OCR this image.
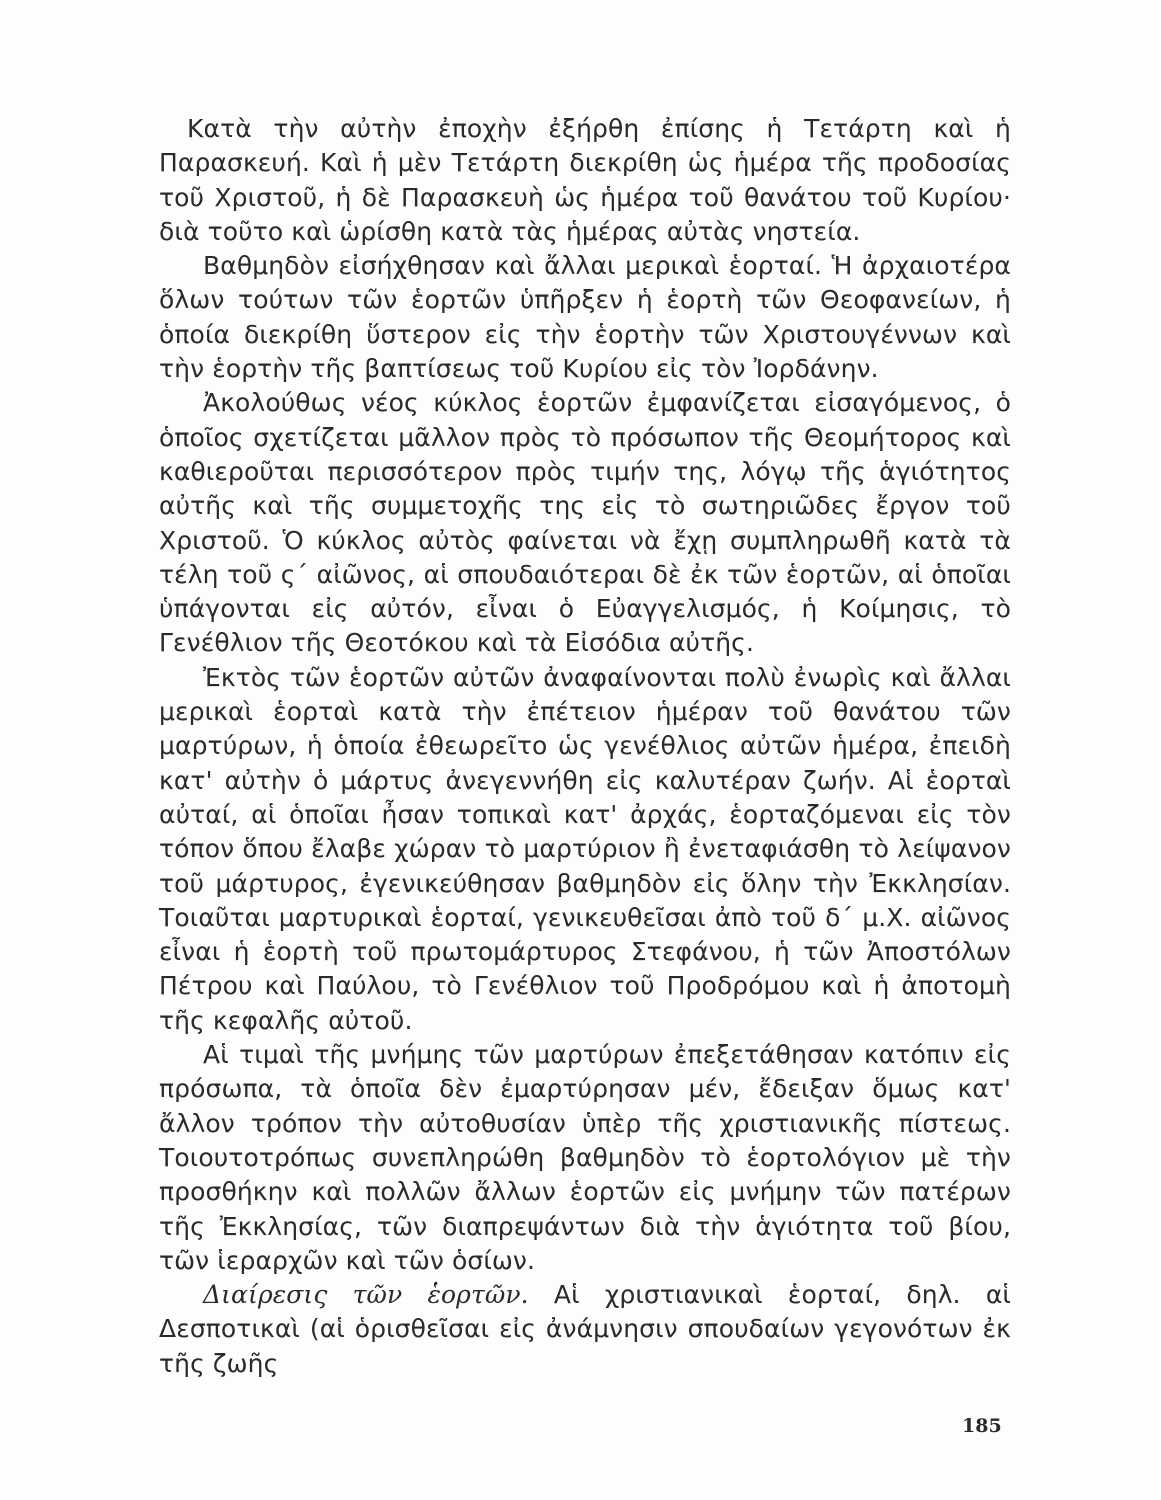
Κατὰ τὴν αὐτὴν ἐποχὴν ἐξήρθη ἐπίσης ἡ Τετάρτη καὶ ἡ Παρασκευή. Καὶ ἡ μὲν Τετάρτη διεκρίθη ὡς ἡμέρα τῆς προδοσίας τοῦ Χριστοῦ, ἡ δὲ Παρασκευὴ ὡς ἡμέρα τοῦ θανάτου τοῦ Κυρίου· διὰ τοῦτο καὶ ὡρίσθη κατὰ τὰς ἡμέρας αὐτὰς νηστεία.

Βαθμηδὸν εἰσήχθησαν καὶ ἄλλαι μερικαὶ ἑορταί. Ἡ ἀρχαιοτέρα ὅλων τούτων τῶν ἑορτῶν ὑπῆρξεν ἡ ἑορτὴ τῶν Θεοφανείων, ἡ ὁποία διεκρίθη ὕστερον εἰς τὴν ἑορτὴν τῶν Χριστουγέννων καὶ τὴν ἑορτὴν τῆς βαπτίσεως τοῦ Κυρίου εἰς τὸν Ἰορδάνην.

Ἀκολούθως νέος κύκλος ἑορτῶν ἐμφανίζεται εἰσαγόμενος, ὁ ὁποῖος σχετίζεται μᾶλλον πρὸς τὸ πρόσωπον τῆς Θεομήτορος καὶ καθιεροῦται περισσότερον πρὸς τιμήν της, λόγῳ τῆς ἁγιότητος αὐτῆς καὶ τῆς συμμετοχῆς της εἰς τὸ σωτηριῶδες ἔργον τοῦ Χριστοῦ. Ὁ κύκλος αὐτὸς φαίνεται νὰ ἔχῃ συμπληρωθῆ κατὰ τὰ τέλη τοῦ ς΄ αἰῶνος, αἱ σπουδαιότεραι δὲ ἐκ τῶν ἑορτῶν, αἱ ὁποῖαι ὑπάγονται εἰς αὐτόν, εἶναι ὁ Εὐαγγελισμός, ἡ Κοίμησις, τὸ Γενέθλιον τῆς Θεοτόκου καὶ τὰ Εἰσόδια αὐτῆς.

Ἐκτὸς τῶν ἑορτῶν αὐτῶν ἀναφαίνονται πολὺ ἐνωρὶς καὶ ἄλλαι μερικαὶ ἑορταὶ κατὰ τὴν ἐπέτειον ἡμέραν τοῦ θανάτου τῶν μαρτύρων, ἡ ὁποία ἐθεωρεῖτο ὡς γενέθλιος αὐτῶν ἡμέρα, ἐπειδὴ κατ' αὐτὴν ὁ μάρτυς ἀνεγεννήθη εἰς καλυτέραν ζωήν. Αἱ ἑορταὶ αὐταί, αἱ ὁποῖαι ἦσαν τοπικαὶ κατ' ἀρχάς, ἑορταζόμεναι εἰς τὸν τόπον ὅπου ἔλαβε χώραν τὸ μαρτύριον ἢ ἐνεταφιάσθη τὸ λείψανον τοῦ μάρτυρος, ἐγενικεύθησαν βαθμηδὸν εἰς ὅλην τὴν Ἐκκλησίαν. Τοιαῦται μαρτυρικαὶ ἑορταί, γενικευθεῖσαι ἀπὸ τοῦ δ΄ μ.Χ. αἰῶνος εἶναι ἡ ἑορτὴ τοῦ πρωτομάρτυρος Στεφάνου, ἡ τῶν Ἀποστόλων Πέτρου καὶ Παύλου, τὸ Γενέθλιον τοῦ Προδρόμου καὶ ἡ ἀποτομὴ τῆς κεφαλῆς αὐτοῦ.

Αἱ τιμαὶ τῆς μνήμης τῶν μαρτύρων ἐπεξετάθησαν κατόπιν εἰς πρόσωπα, τὰ ὁποῖα δὲν ἐμαρτύρησαν μέν, ἔδειξαν ὅμως κατ' ἄλλον τρόπον τὴν αὐτοθυσίαν ὑπὲρ τῆς χριστιανικῆς πίστεως. Τοιουτοτρόπως συνεπληρώθη βαθμηδὸν τὸ ἑορτολόγιον μὲ τὴν προσθήκην καὶ πολλῶν ἄλλων ἑορτῶν εἰς μνήμην τῶν πατέρων τῆς Ἐκκλησίας, τῶν διαπρεψάντων διὰ τὴν ἁγιότητα τοῦ βίου, τῶν ἱεραρχῶν καὶ τῶν ὁσίων.

Διαίρεσις τῶν ἑορτῶν. Αἱ χριστιανικαὶ ἑορταί, δηλ. αἱ Δεσποτικαὶ (αἱ ὁρισθεῖσαι εἰς ἀνάμνησιν σπουδαίων γεγονότων ἐκ τῆς ζωῆς

185
